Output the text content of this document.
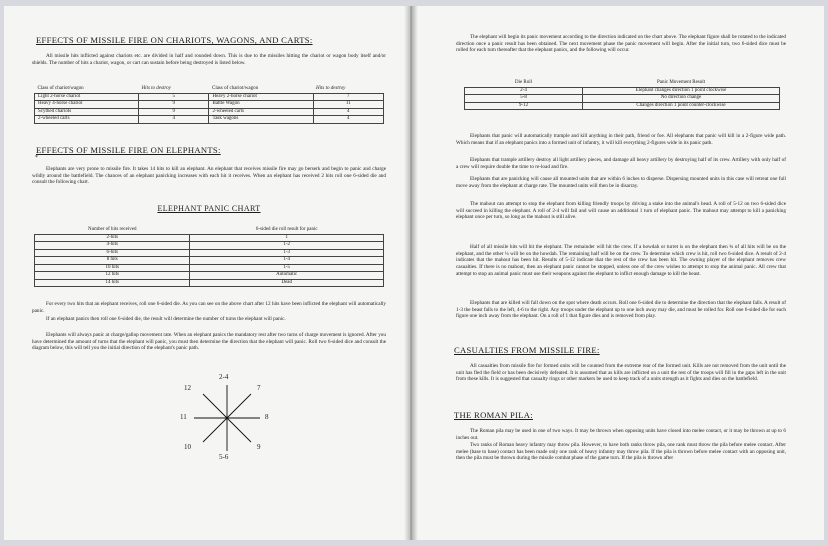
EFFECTS OF MISSILE FIRE ON CHARIOTS, WAGONS, AND CARTS:

All missile hits inflicted against chariots etc. are divided in half and rounded down. This is due to the missiles hitting the chariot or wagon body itself and/or shields. The number of hits a chariot, wagon, or cart can sustain before being destroyed is listed below.

Class of chariot/wagon	Hits to destroy	Class of chariot/wagon	Hits to destroy
Light 2-horse chariot	5	Heavy 2-horse chariot	7
Heavy 4-horse chariot	9	Battle Wagon	11
Scythed chariots	9	2-wheeled carts	4
2-wheeled carts	4	Task wagons	4
EFFECTS OF MISSILE FIRE ON ELEPHANTS:
*

Elephants are very prone to missile fire. It takes 14 hits to kill an elephant. An elephant that receives missile fire may go berserk and begin to panic and charge wildly around the battlefield. The chances of an elephant panicking increases with each hit it receives. When an elephant has received 2 hits roll one 6-sided die and consult the following chart.

ELEPHANT PANIC CHART
Number of hits received	6-sided die roll result for panic
2-hits	1
4-hits	1-2
6-hits	1-3
8 hits	1-4
10 hits	1-5
12 hits	Automatic
14 hits	Dead

For every two hits that an elephant receives, roll one 6-sided die. As you can see on the above chart after 12 hits have been inflicted the elephant will automatically panic.

If an elephant panics then roll one 6-sided die, the result will determine the number of turns the elephant will panic.

Elephants will always panic at charge/gallop movement rate. When an elephant panics the mandatory rest after two turns of charge movement is ignored. After you have determined the amount of turns that the elephant will panic, you must then determine the direction that the elephant will panic. Roll two 6-sided dice and consult the diagram below, this will tell you the initial direction of the elephant's panic path.

2-4
7
8
9
5-6
10
11
12

The elephant will begin its panic movement according to the direction indicated on the chart above. The elephant figure shall be rotated to the indicated direction once a panic result has been obtained. The next movement phase the panic movement will begin. After the initial turn, two 6-sided dice must be rolled for each turn thereafter that the elephant panics, and the following will occur.

Die Roll	Panic Movement Result
2-4	Elephant changes direction 1 point clockwise
5-8	No direction change
9-12	Changes direction 1 point counter-clockwise

Elephants that panic will automatically trample and kill anything in their path, friend or foe. All elephants that panic will kill in a 2-figure wide path. Which means that if an elephant panics into a formed unit of infantry, it will kill everything 2-figures wide in its panic path.

Elephants that trample artillery destroy all light artillery pieces, and damage all heavy artillery by destroying half of its crew. Artillery with only half of a crew will require double the time to re-load and fire.

Elephants that are panicking will cause all mounted units that are within 6 inches to disperse. Dispersing mounted units in this case will retreat one full move away from the elephant at charge rate. The mounted units will then be in disarray.

The mahout can attempt to stop the elephant from killing friendly troops by driving a stake into the animal's head. A roll of 5-12 on two 6-sided dice will succeed in killing the elephant. A roll of 2-4 will fail and will cause an additional 1 turn of elephant panic. The mahout may attempt to kill a panicking elephant once per turn, so long as the mahout is still alive.

Half of all missile hits will hit the elephant. The remainder will hit the crew. If a howdah or turret is on the elephant then ¾ of all hits will be on the elephant, and the other ¼ will be on the howdah. The remaining half will be on the crew. To determine which crew is hit, roll two 6-sided dice. A result of 2-4 indicates that the mahout has been hit. Results of 5-12 indicate that the rest of the crew has been hit. The owning player of the elephant removes crew casualties. If there is no mahout, then an elephant panic cannot be stopped, unless one of the crew wishes to attempt to stop the animal panic. All crew that attempt to stop an animal panic must use their weapons against the elephant to inflict enough damage to kill the beast.

Elephants that are killed will fall down on the spot where death occurs. Roll one 6-sided die to determine the direction that the elephant falls. A result of 1-3 the beast falls to the left, 4-6 to the right. Any troops under the elephant up to one inch away may die, and must be rolled for. Roll one 6-sided die for each figure one inch away from the elephant. On a roll of 1 that figure dies and is removed from play.

CASUALTIES FROM MISSILE FIRE:

All casualties from missile fire for formed units will be counted from the extreme rear of the formed unit. Kills are not removed from the unit until the unit has fled the field or has been decisively defeated. It is assumed that as kills are inflicted on a unit the rest of the troops will fill in the gaps left in the unit from these kills. It is suggested that casualty rings or other markers be used to keep track of a units strength as it fights and dies on the battlefield.

THE ROMAN PILA:

The Roman pila may be used in one of two ways. It may be thrown when opposing units have closed into melee contact, or it may be thrown at up to 6 inches out.

Two ranks of Roman heavy infantry may throw pila. However, to have both ranks throw pila, one rank must throw the pila before melee contact. After melee (base to base) contact has been made only one rank of heavy infantry may throw pila. If the pila is thrown before melee contact with an opposing unit, then the pila must be thrown during the missile combat phase of the game turn. If the pila is thrown after
